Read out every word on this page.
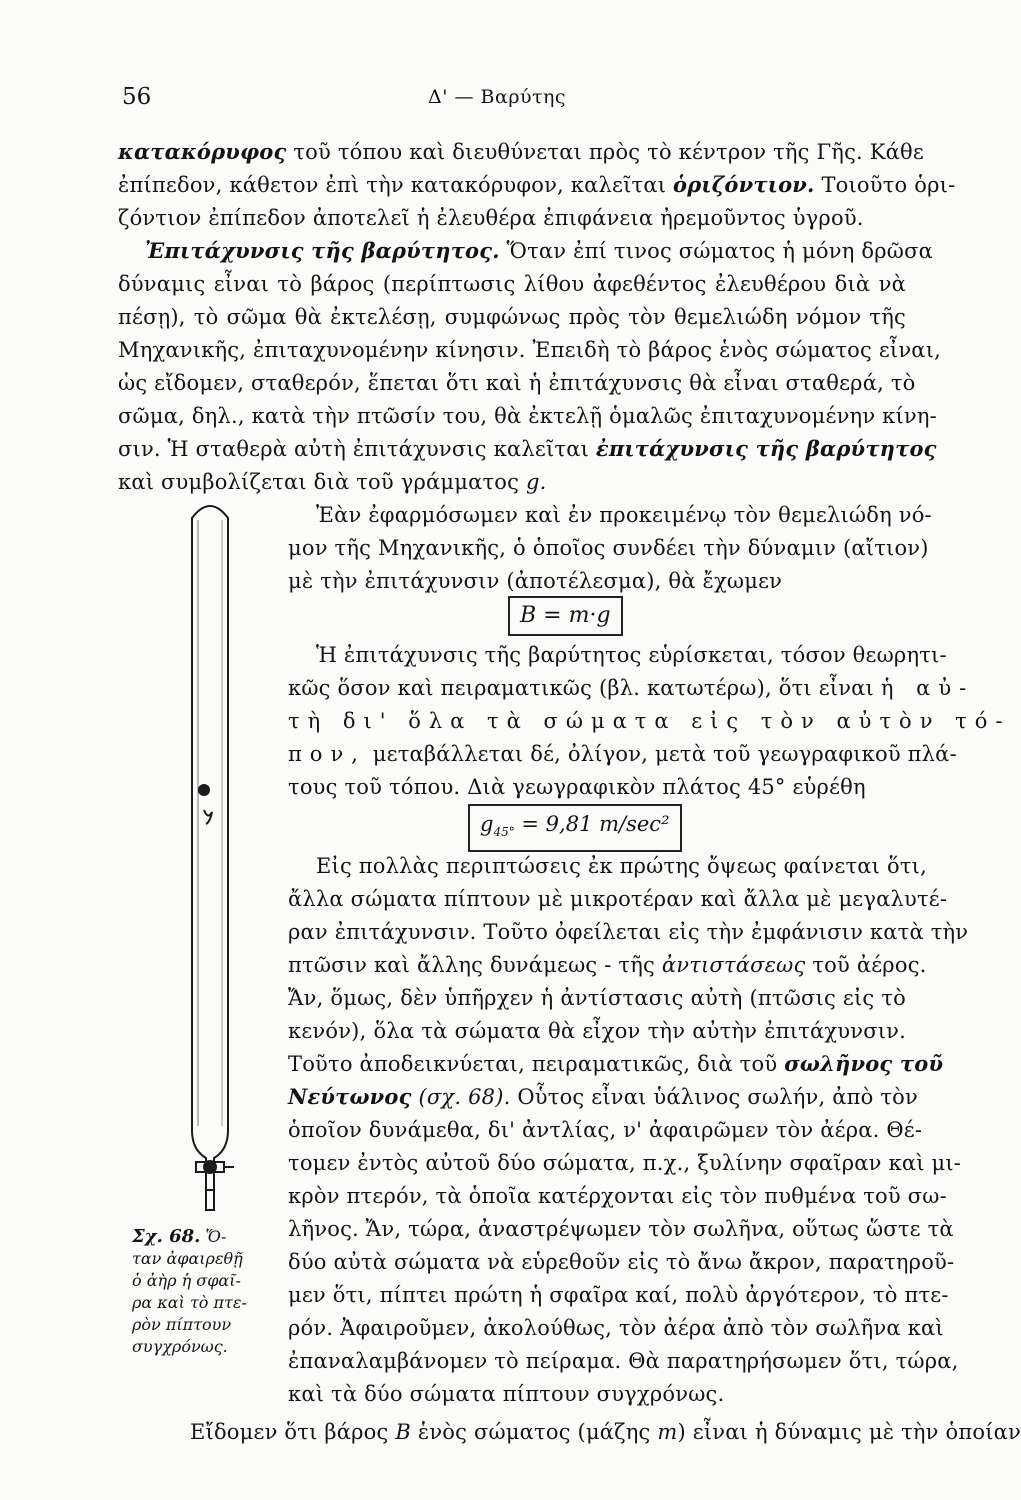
56	Δ' — Βαρύτης
κατακόρυφος τοῦ τόπου καὶ διευθύνεται πρὸς τὸ κέντρον τῆς Γῆς. Κάθε
ἐπίπεδον, κάθετον ἐπὶ τὴν κατακόρυφον, καλεῖται ὁριζόντιον. Τοιοῦτο ὁρι-
ζόντιον ἐπίπεδον ἀποτελεῖ ἡ ἐλευθέρα ἐπιφάνεια ἠρεμοῦντος ὑγροῦ.
Ἐπιτάχυνσις τῆς βαρύτητος. Ὅταν ἐπί τινος σώματος ἡ μόνη δρῶσα
δύναμις εἶναι τὸ βάρος (περίπτωσις λίθου ἀφεθέντος ἐλευθέρου διὰ νὰ
πέσῃ), τὸ σῶμα θὰ ἐκτελέσῃ, συμφώνως πρὸς τὸν θεμελιώδη νόμον τῆς
Μηχανικῆς, ἐπιταχυνομένην κίνησιν. Ἐπειδὴ τὸ βάρος ἑνὸς σώματος εἶναι,
ὡς εἴδομεν, σταθερόν, ἕπεται ὅτι καὶ ἡ ἐπιτάχυνσις θὰ εἶναι σταθερά, τὸ
σῶμα, δηλ., κατὰ τὴν πτῶσίν του, θὰ ἐκτελῇ ὁμαλῶς ἐπιταχυνομένην κίνη-
σιν. Ἡ σταθερὰ αὐτὴ ἐπιτάχυνσις καλεῖται ἐπιτάχυνσις τῆς βαρύτητος
καὶ συμβολίζεται διὰ τοῦ γράμματος g.
Ἐὰν ἐφαρμόσωμεν καὶ ἐν προκειμένῳ τὸν θεμελιώδη νό-
μον τῆς Μηχανικῆς, ὁ ὁποῖος συνδέει τὴν δύναμιν (αἴτιον)
μὲ τὴν ἐπιτάχυνσιν (ἀποτέλεσμα), θὰ ἔχωμεν
B = m·g
Ἡ ἐπιτάχυνσις τῆς βαρύτητος εὑρίσκεται, τόσον θεωρητι-
κῶς ὅσον καὶ πειραματικῶς (βλ. κατωτέρω), ὅτι εἶναι ἡ αὐ-
τὴ δι' ὅλα τὰ σώματα εἰς τὸν αὐτὸν τό-
πον, μεταβάλλεται δέ, ὀλίγον, μετὰ τοῦ γεωγραφικοῦ πλά-
τους τοῦ τόπου. Διὰ γεωγραφικὸν πλάτος 45° εὑρέθη
$g_{45^\circ} = 9,81$ m/sec²
Εἰς πολλὰς περιπτώσεις ἐκ πρώτης ὄψεως φαίνεται ὅτι,
ἄλλα σώματα πίπτουν μὲ μικροτέραν καὶ ἄλλα μὲ μεγαλυτέ-
ραν ἐπιτάχυνσιν. Τοῦτο ὀφείλεται εἰς τὴν ἐμφάνισιν κατὰ τὴν
πτῶσιν καὶ ἄλλης δυνάμεως - τῆς ἀντιστάσεως τοῦ ἀέρος.
Ἄν, ὅμως, δὲν ὑπῆρχεν ἡ ἀντίστασις αὐτὴ (πτῶσις εἰς τὸ
κενόν), ὅλα τὰ σώματα θὰ εἶχον τὴν αὐτὴν ἐπιτάχυνσιν.
Τοῦτο ἀποδεικνύεται, πειραματικῶς, διὰ τοῦ σωλῆνος τοῦ
Νεύτωνος (σχ. 68). Οὗτος εἶναι ὑάλινος σωλήν, ἀπὸ τὸν
ὁποῖον δυνάμεθα, δι' ἀντλίας, ν' ἀφαιρῶμεν τὸν ἀέρα. Θέ-
τομεν ἐντὸς αὐτοῦ δύο σώματα, π.χ., ξυλίνην σφαῖραν καὶ μι-
κρὸν πτερόν, τὰ ὁποῖα κατέρχονται εἰς τὸν πυθμένα τοῦ σω-
λῆνος. Ἄν, τώρα, ἀναστρέψωμεν τὸν σωλῆνα, οὕτως ὥστε τὰ
δύο αὐτὰ σώματα νὰ εὑρεθοῦν εἰς τὸ ἄνω ἄκρον, παρατηροῦ-
μεν ὅτι, πίπτει πρώτη ἡ σφαῖρα καί, πολὺ ἀργότερον, τὸ πτε-
ρόν. Ἀφαιροῦμεν, ἀκολούθως, τὸν ἀέρα ἀπὸ τὸν σωλῆνα καὶ
ἐπαναλαμβάνομεν τὸ πείραμα. Θὰ παρατηρήσωμεν ὅτι, τώρα,
καὶ τὰ δύο σώματα πίπτουν συγχρόνως.
Εἴδομεν ὅτι βάρος B ἑνὸς σώματος (μάζης m) εἶναι ἡ δύναμις μὲ τὴν ὁποίαν
Σχ. 68. Ὅ-
ταν ἀφαιρεθῇ
ὁ ἀὴρ ἡ σφαῖ-
ρα καὶ τὸ πτε-
ρὸν πίπτουν
συγχρόνως.
